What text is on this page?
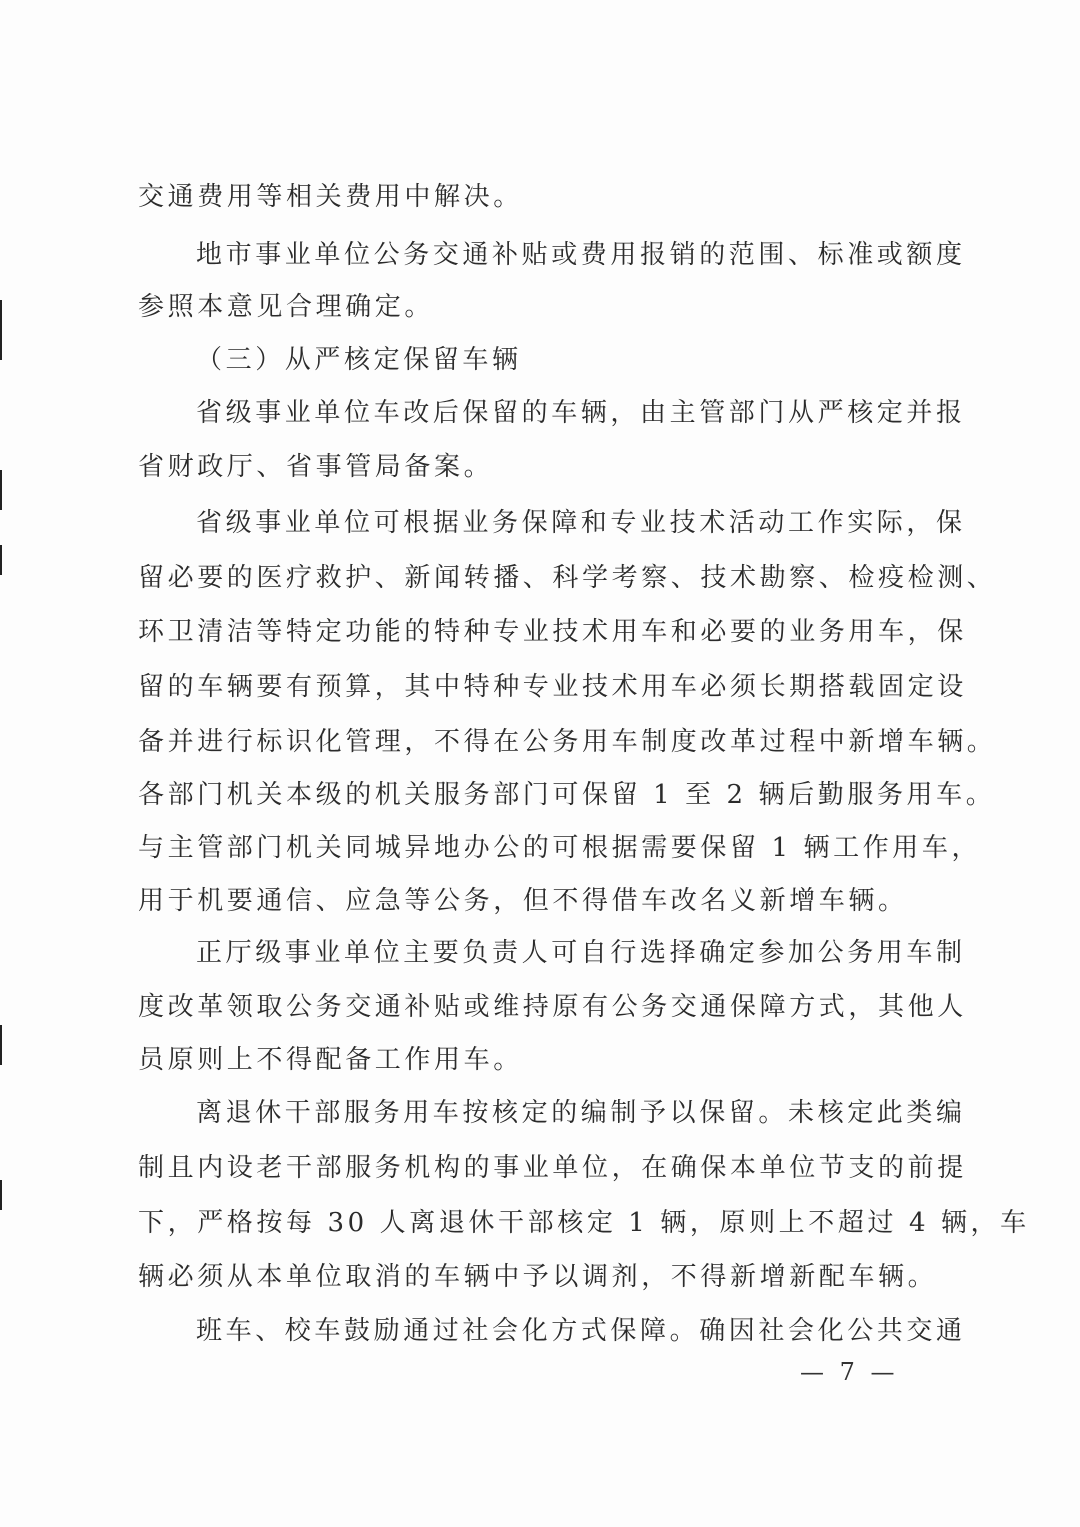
交通费用等相关费用中解决。
地市事业单位公务交通补贴或费用报销的范围、标准或额度
参照本意见合理确定。
（三）从严核定保留车辆
省级事业单位车改后保留的车辆，由主管部门从严核定并报
省财政厅、省事管局备案。
省级事业单位可根据业务保障和专业技术活动工作实际，保
留必要的医疗救护、新闻转播、科学考察、技术勘察、检疫检测、
环卫清洁等特定功能的特种专业技术用车和必要的业务用车，保
留的车辆要有预算，其中特种专业技术用车必须长期搭载固定设
备并进行标识化管理，不得在公务用车制度改革过程中新增车辆。
各部门机关本级的机关服务部门可保留 1 至 2 辆后勤服务用车。
与主管部门机关同城异地办公的可根据需要保留 1 辆工作用车，
用于机要通信、应急等公务，但不得借车改名义新增车辆。
正厅级事业单位主要负责人可自行选择确定参加公务用车制
度改革领取公务交通补贴或维持原有公务交通保障方式，其他人
员原则上不得配备工作用车。
离退休干部服务用车按核定的编制予以保留。未核定此类编
制且内设老干部服务机构的事业单位，在确保本单位节支的前提
下，严格按每 30 人离退休干部核定 1 辆，原则上不超过 4 辆，车
辆必须从本单位取消的车辆中予以调剂，不得新增新配车辆。
班车、校车鼓励通过社会化方式保障。确因社会化公共交通
— 7 —
